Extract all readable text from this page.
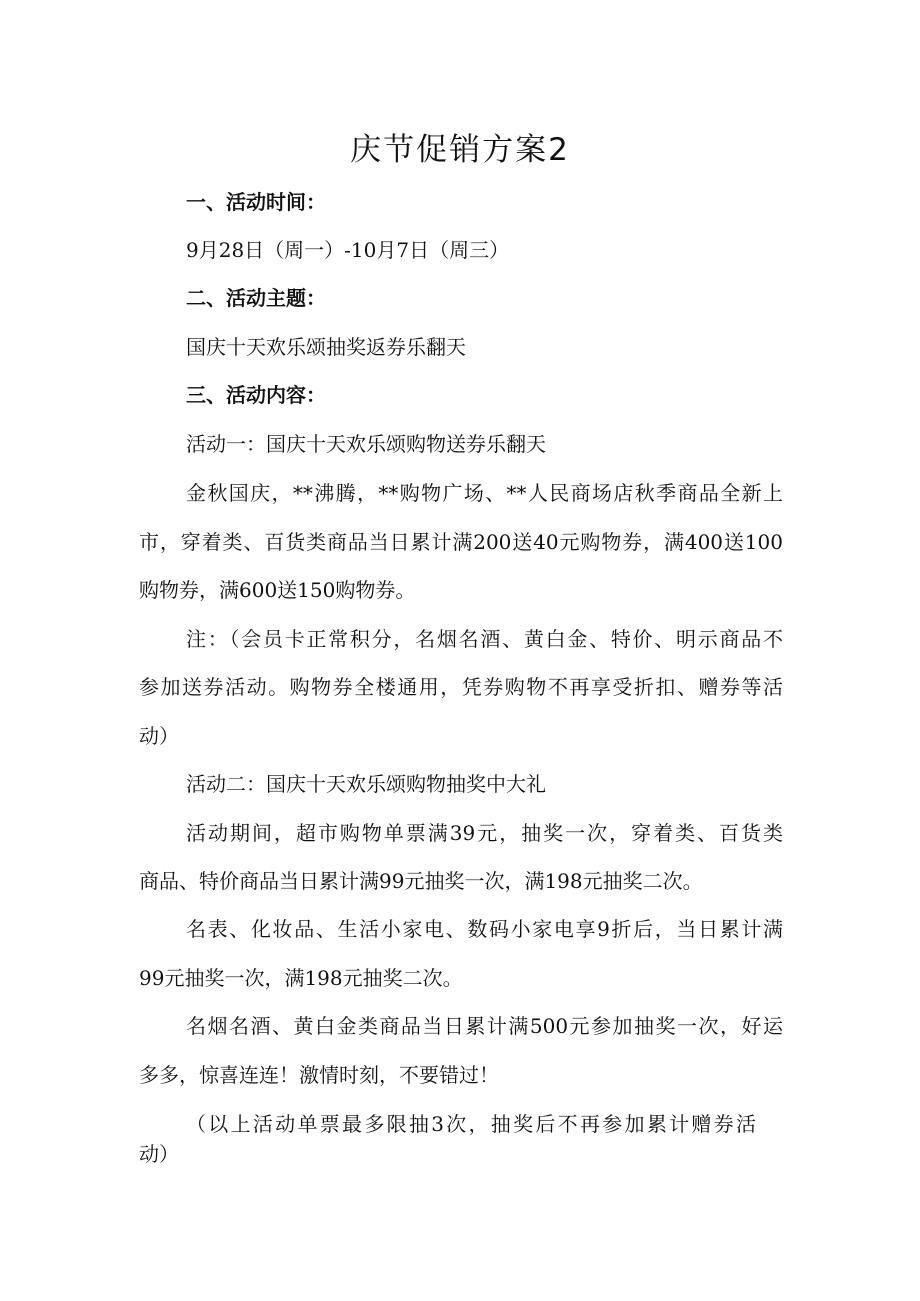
庆节促销方案2
一、活动时间：
9月28日（周一）-10月7日（周三）
二、活动主题：
国庆十天欢乐颂抽奖返券乐翻天
三、活动内容：
活动一：国庆十天欢乐颂购物送券乐翻天
金秋国庆，**沸腾，**购物广场、**人民商场店秋季商品全新上
市，穿着类、百货类商品当日累计满200送40元购物券，满400送100
购物券，满600送150购物券。
注：（会员卡正常积分，名烟名酒、黄白金、特价、明示商品不
参加送券活动。购物券全楼通用，凭券购物不再享受折扣、赠券等活
动）
活动二：国庆十天欢乐颂购物抽奖中大礼
活动期间，超市购物单票满39元，抽奖一次，穿着类、百货类
商品、特价商品当日累计满99元抽奖一次，满198元抽奖二次。
名表、化妆品、生活小家电、数码小家电享9折后，当日累计满
99元抽奖一次，满198元抽奖二次。
名烟名酒、黄白金类商品当日累计满500元参加抽奖一次，好运
多多，惊喜连连！激情时刻，不要错过！
（以上活动单票最多限抽3次，抽奖后不再参加累计赠券活
动）
